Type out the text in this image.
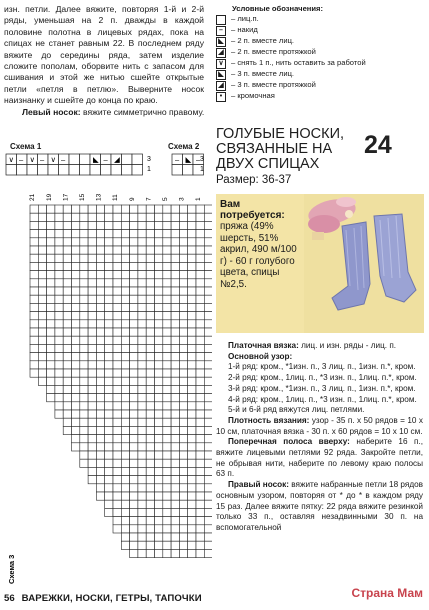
изн. петли. Далее вяжите, повторяя 1-й и 2-й ряды, уменьшая на 2 п. дважды в каждой половине полотна в лицевых рядах, пока на спицах не станет равным 22. В последнем ряду вяжите до середины ряда, затем изделие сложите пополам, оборвите нить с запасом для сшивания и этой же нитью сшейте открытые петли «петля в петлю». Выверните носок наизнанку и сшейте до конца по краю.
Левый носок: вяжите симметрично правому.
Схема 1	Схема 2
∨ – ∨ – ∨ –	◣ – ◢	3
1
– ◣ – 3
1
21 19 17 15 13 11 9 7 5 3 1
Схема 3
Условные обозначения:
– лиц.п.
–	– накид
◣ – 2 п. вместе лиц.
◢ – 2 п. вместе протяжкой
∨ – снять 1 п., нить оставить за работой
◣ – 3 п. вместе лиц.
◢ – 3 п. вместе протяжкой
•	– кромочная
ГОЛУБЫЕ НОСКИ, СВЯЗАННЫЕ НА ДВУХ СПИЦАХ
Размер: 36-37
24
Вам потребуется:
пряжа (49% шерсть, 51% акрил, 490 м/100 г) - 60 г голубого цвета, спицы №2,5.
Платочная вязка: лиц. и изн. ряды - лиц. п.
Основной узор:
1-й ряд: кром., *1изн. п., 3 лиц. п., 1изн. п.*, кром.
2-й ряд: кром., 1лиц. п., *3 изн. п., 1лиц. п.*, кром.
3-й ряд: кром., *1изн. п., 3 лиц. п., 1изн. п.*, кром.
4-й ряд: кром., 1лиц. п., *3 изн. п., 1лиц. п.*, кром.
5-й и 6-й ряд вяжутся лиц. петлями.
Плотность вязания: узор - 35 п. х 50 рядов = 10 х 10 см, платочная вязка - 30 п. х 60 рядов = 10 х 10 см.
Поперечная полоса вверху: наберите 16 п., вяжите лицевыми петлями 92 ряда. Закройте петли, не обрывая нити, наберите по левому краю полосы 63 п.
Правый носок: вяжите набранные петли 18 рядов основным узором, повторяя от * до * в каждом ряду 15 раз. Далее вяжите пятку: 22 ряда вяжите резинкой только 33 п., оставляя незадвинными 30 п. на вспомогательной
56 ВАРЕЖКИ, НОСКИ, ГЕТРЫ, ТАПОЧКИ	Страна Мам
